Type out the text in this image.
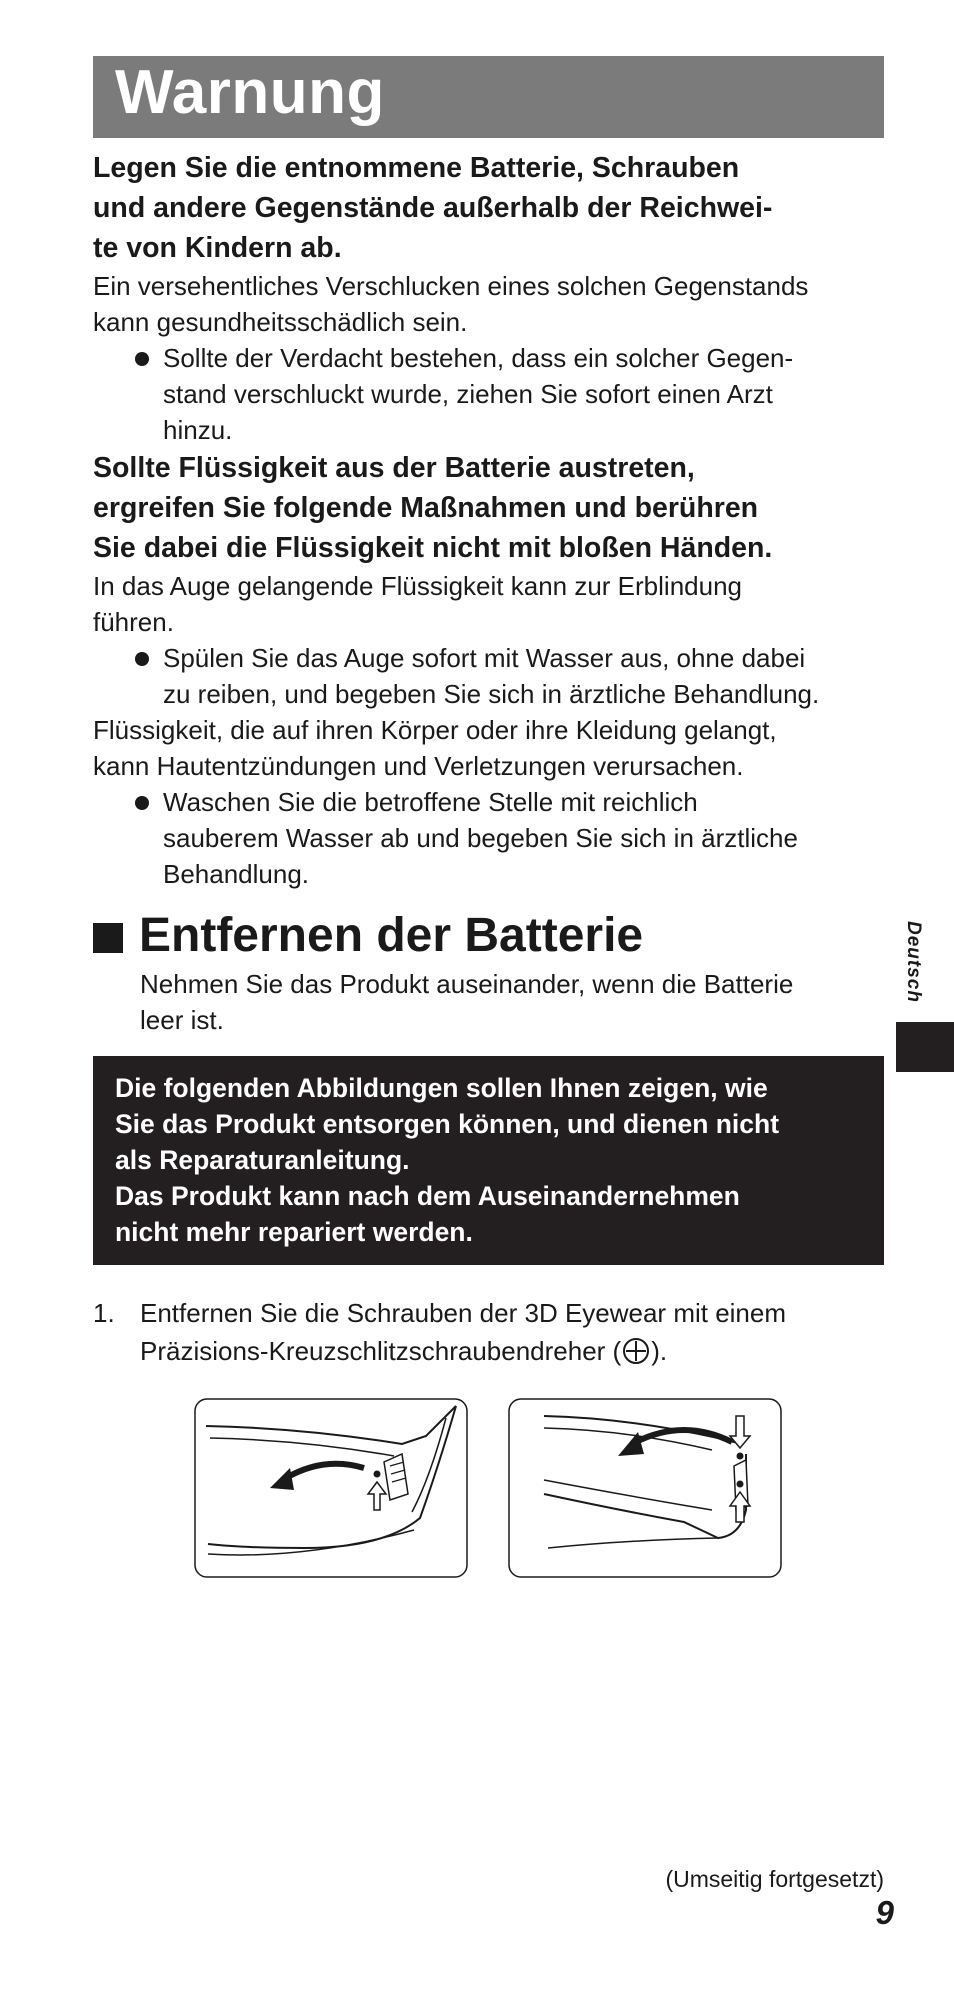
Warnung

Legen Sie die entnommene Batterie, Schrauben

und andere Gegenstände außerhalb der Reichwei-

te von Kindern ab.

Ein versehentliches Verschlucken eines solchen Gegenstands

kann gesundheitsschädlich sein.

Sollte der Verdacht bestehen, dass ein solcher Gegen-
stand verschluckt wurde, ziehen Sie sofort einen Arzt
hinzu.

Sollte Flüssigkeit aus der Batterie austreten,

ergreifen Sie folgende Maßnahmen und berühren

Sie dabei die Flüssigkeit nicht mit bloßen Händen.

In das Auge gelangende Flüssigkeit kann zur Erblindung

führen.

Spülen Sie das Auge sofort mit Wasser aus, ohne dabei
zu reiben, und begeben Sie sich in ärztliche Behandlung.

Flüssigkeit, die auf ihren Körper oder ihre Kleidung gelangt,

kann Hautentzündungen und Verletzungen verursachen.

Waschen Sie die betroffene Stelle mit reichlich
sauberem Wasser ab und begeben Sie sich in ärztliche
Behandlung.
Entfernen der Batterie
Nehmen Sie das Produkt auseinander, wenn die Batterie
leer ist.
Die folgenden Abbildungen sollen Ihnen zeigen, wie
Sie das Produkt entsorgen können, und dienen nicht
als Reparaturanleitung.
Das Produkt kann nach dem Auseinandernehmen
nicht mehr repariert werden.
1. Entfernen Sie die Schrauben der 3D Eyewear mit einem
Präzisions-Kreuzschlitzschraubendreher ( ).
Deutsch
(Umseitig fortgesetzt)
9
